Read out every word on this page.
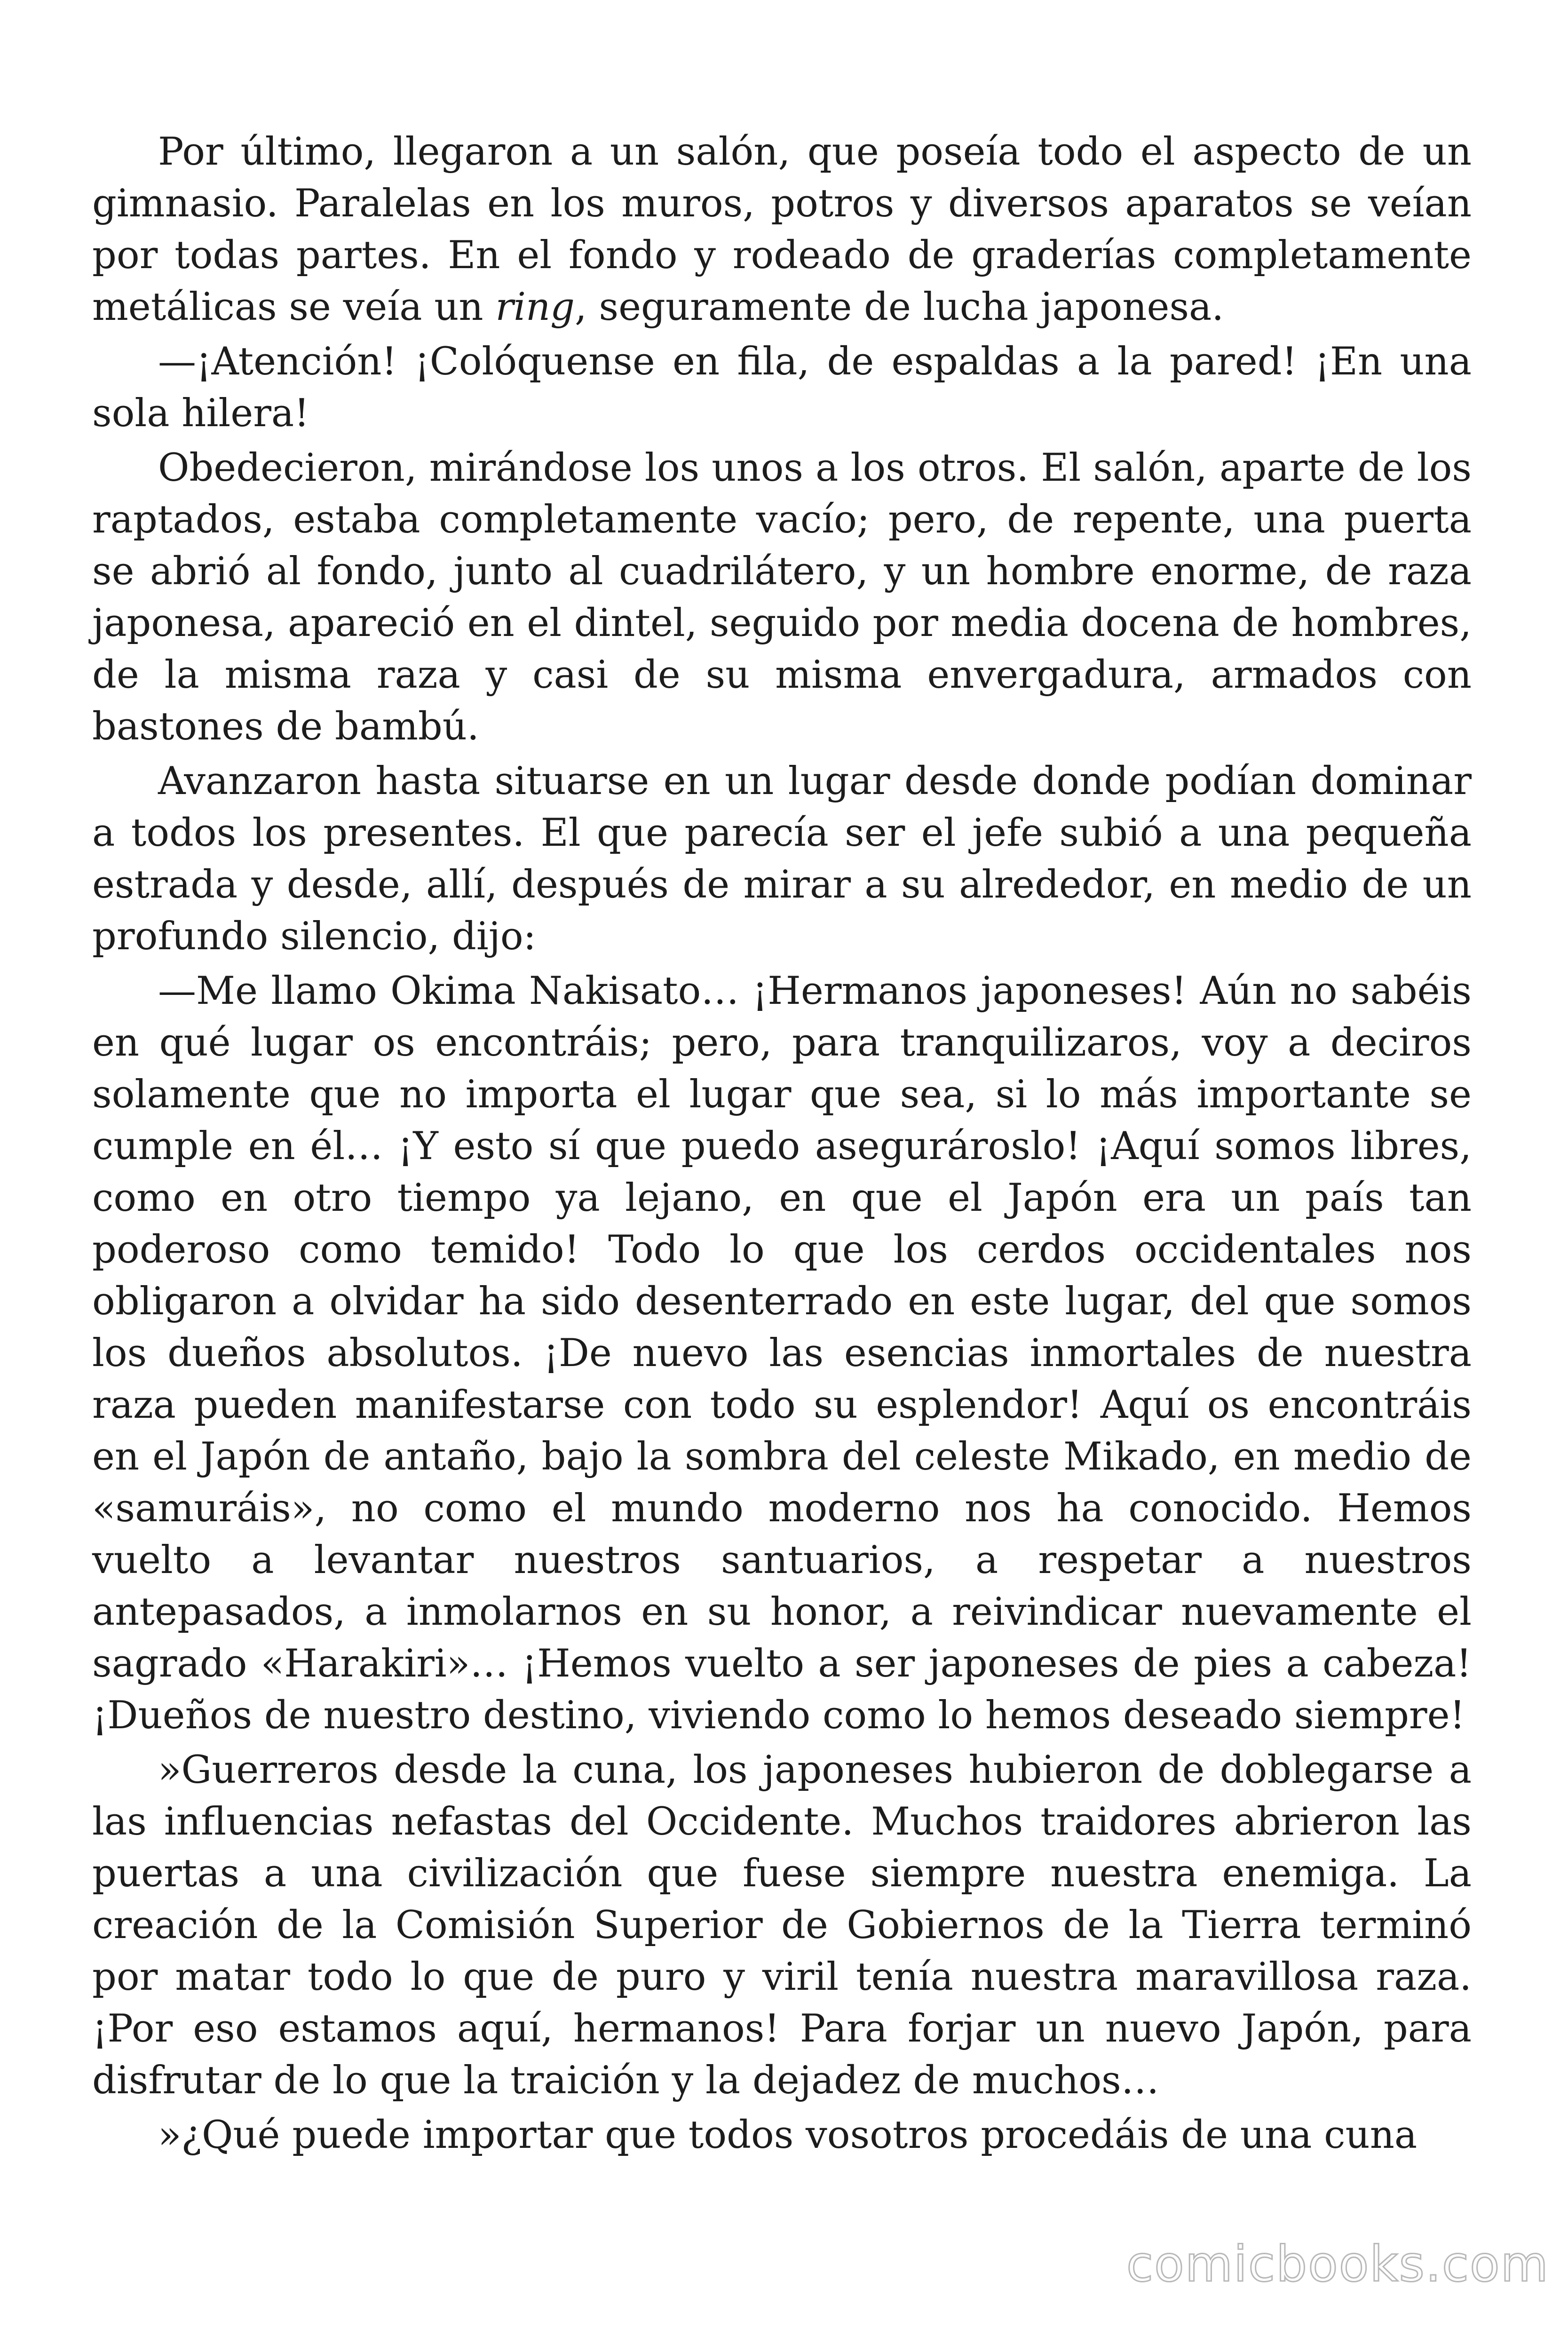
Por último, llegaron a un salón, que poseía todo el aspecto de un gimnasio. Paralelas en los muros, potros y diversos aparatos se veían por todas partes. En el fondo y rodeado de graderías completamente metálicas se veía un ring, seguramente de lucha japonesa.

—¡Atención! ¡Colóquense en fila, de espaldas a la pared! ¡En una sola hilera!

Obedecieron, mirándose los unos a los otros. El salón, aparte de los raptados, estaba completamente vacío; pero, de repente, una puerta se abrió al fondo, junto al cuadrilátero, y un hombre enorme, de raza japonesa, apareció en el dintel, seguido por media docena de hombres, de la misma raza y casi de su misma envergadura, armados con bastones de bambú.

Avanzaron hasta situarse en un lugar desde donde podían dominar a todos los presentes. El que parecía ser el jefe subió a una pequeña estrada y desde, allí, después de mirar a su alrededor, en medio de un profundo silencio, dijo:

—Me llamo Okima Nakisato… ¡Hermanos japoneses! Aún no sabéis en qué lugar os encontráis; pero, para tranquilizaros, voy a deciros solamente que no importa el lugar que sea, si lo más importante se cumple en él… ¡Y esto sí que puedo asegurároslo! ¡Aquí somos libres, como en otro tiempo ya lejano, en que el Japón era un país tan poderoso como temido! Todo lo que los cerdos occidentales nos obligaron a olvidar ha sido desenterrado en este lugar, del que somos los dueños absolutos. ¡De nuevo las esencias inmortales de nuestra raza pueden manifestarse con todo su esplendor! Aquí os encontráis en el Japón de antaño, bajo la sombra del celeste Mikado, en medio de «samuráis», no como el mundo moderno nos ha conocido. Hemos vuelto a levantar nuestros santuarios, a respetar a nuestros antepasados, a inmolarnos en su honor, a reivindicar nuevamente el sagrado «Harakiri»… ¡Hemos vuelto a ser japoneses de pies a cabeza! ¡Dueños de nuestro destino, viviendo como lo hemos deseado siempre!

»Guerreros desde la cuna, los japoneses hubieron de doblegarse a las influencias nefastas del Occidente. Muchos traidores abrieron las puertas a una civilización que fuese siempre nuestra enemiga. La creación de la Comisión Superior de Gobiernos de la Tierra terminó por matar todo lo que de puro y viril tenía nuestra maravillosa raza. ¡Por eso estamos aquí, hermanos! Para forjar un nuevo Japón, para disfrutar de lo que la traición y la dejadez de muchos…

»¿Qué puede importar que todos vosotros procedáis de una cuna

comicbooks.com
